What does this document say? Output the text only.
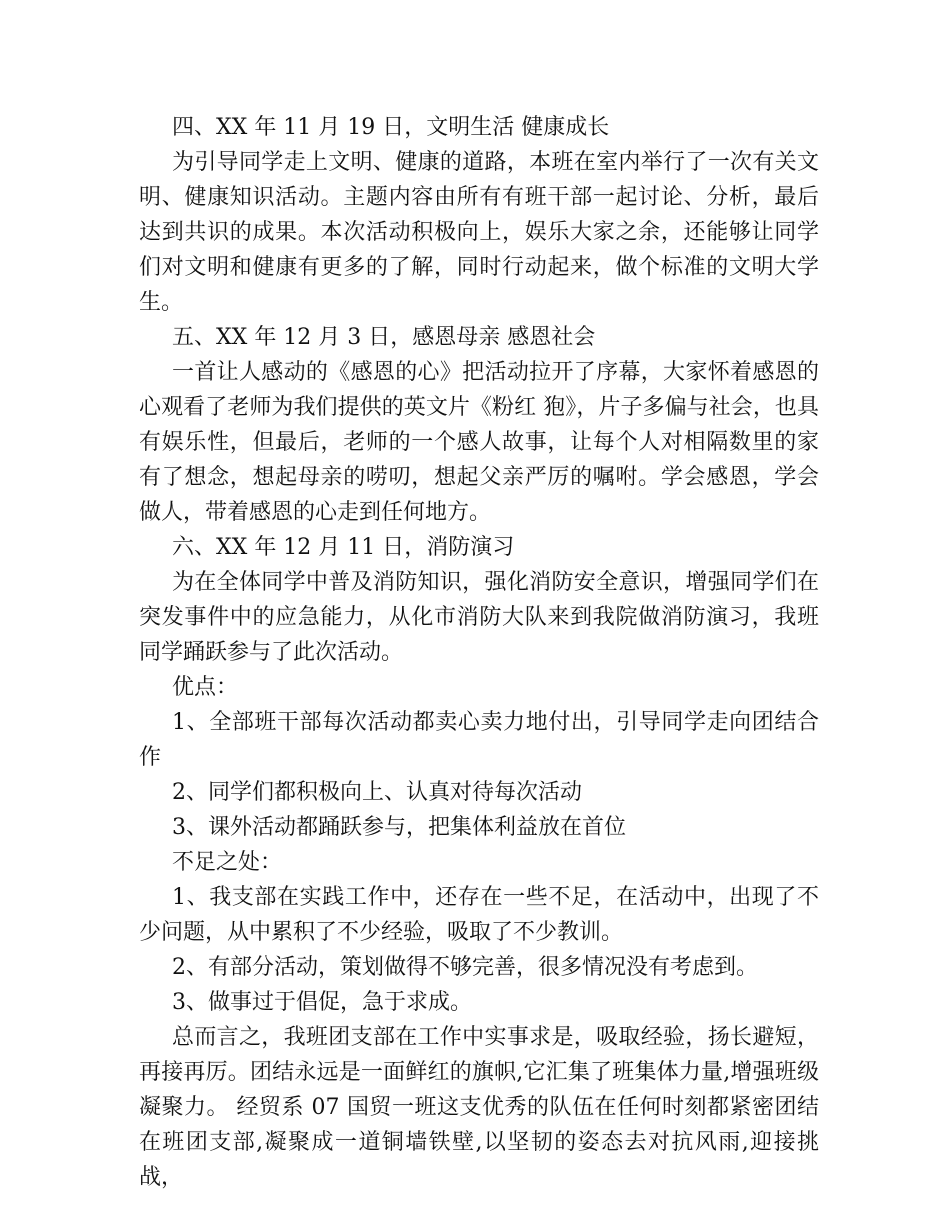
四、XX 年 11 月 19 日，文明生活 健康成长

为引导同学走上文明、健康的道路，本班在室内举行了一次有关文明、健康知识活动。主题内容由所有有班干部一起讨论、分析，最后达到共识的成果。本次活动积极向上，娱乐大家之余，还能够让同学们对文明和健康有更多的了解，同时行动起来，做个标准的文明大学生。

五、XX 年 12 月 3 日，感恩母亲 感恩社会

一首让人感动的《感恩的心》把活动拉开了序幕，大家怀着感恩的心观看了老师为我们提供的英文片《粉红 狍》，片子多偏与社会，也具有娱乐性，但最后，老师的一个感人故事，让每个人对相隔数里的家有了想念，想起母亲的唠叨，想起父亲严厉的嘱咐。学会感恩，学会做人，带着感恩的心走到任何地方。

六、XX 年 12 月 11 日，消防演习

为在全体同学中普及消防知识，强化消防安全意识，增强同学们在突发事件中的应急能力，从化市消防大队来到我院做消防演习，我班同学踊跃参与了此次活动。

优点：

1、全部班干部每次活动都卖心卖力地付出，引导同学走向团结合作

2、同学们都积极向上、认真对待每次活动

3、课外活动都踊跃参与，把集体利益放在首位

不足之处：

1、我支部在实践工作中，还存在一些不足，在活动中，出现了不少问题，从中累积了不少经验，吸取了不少教训。

2、有部分活动，策划做得不够完善，很多情况没有考虑到。

3、做事过于倡促，急于求成。

总而言之，我班团支部在工作中实事求是，吸取经验，扬长避短，再接再厉。团结永远是一面鲜红的旗帜,它汇集了班集体力量,增强班级凝聚力。 经贸系 07 国贸一班这支优秀的队伍在任何时刻都紧密团结在班团支部,凝聚成一道铜墙铁壁,以坚韧的姿态去对抗风雨,迎接挑战，
